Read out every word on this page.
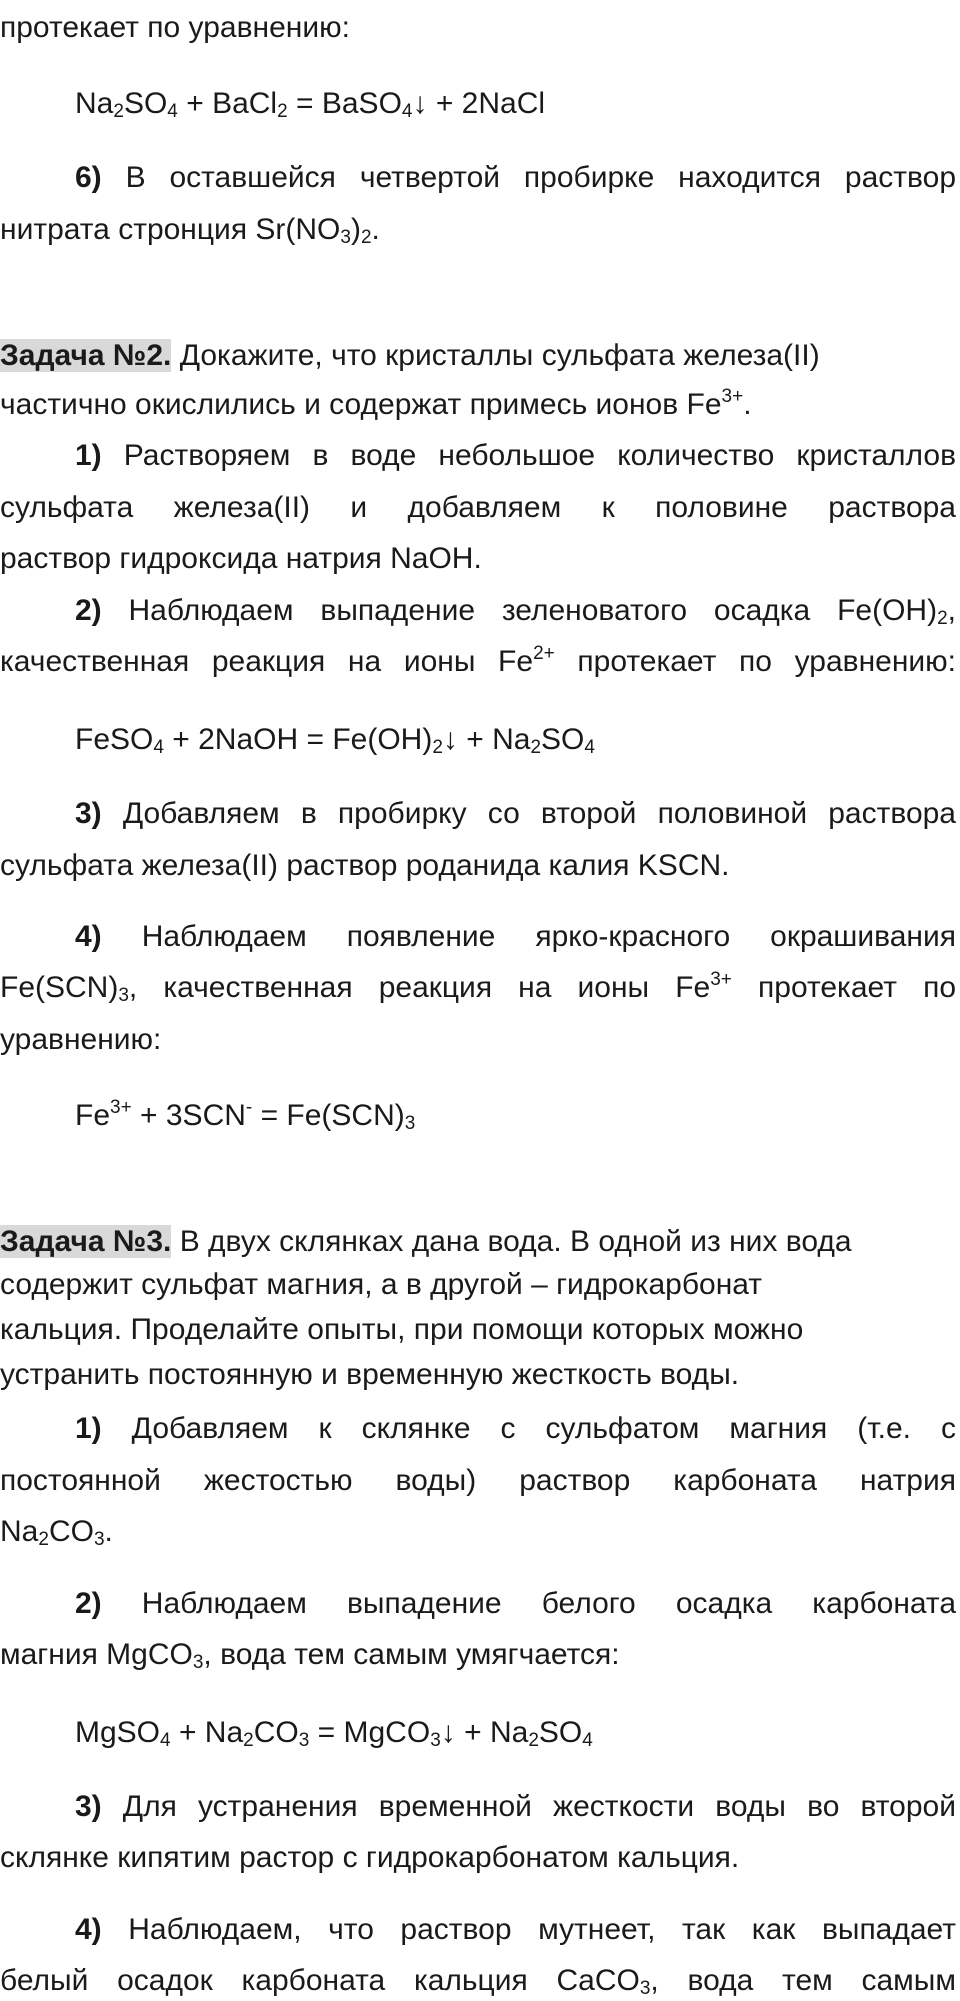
протекает по уравнению:
$Na_2SO_4$ + BaCl$_2$ = BaSO$_4$↓ + 2NaCl
6) В оставшейся четвертой пробирке находится раствор
нитрата стронция $Sr(NO_3)_2$.
Задача №2. Докажите, что кристаллы сульфата железа(II)
частично окислились и содержат примесь ионов $Fe^{3+}$.
1) Растворяем в воде небольшое количество кристаллов
сульфата железа(II) и добавляем к половине раствора
раствор гидроксида натрия NaOH.
2) Наблюдаем выпадение зеленоватого осадка $Fe(OH)_2$,
качественная реакция на ионы $Fe^{2+}$ протекает по уравнению:
FeSO$_4$ + 2NaOH = $Fe(OH)_2↓ + Na_2SO_4$
3) Добавляем в пробирку со второй половиной раствора
сульфата железа(II) раствор роданида калия KSCN.
4) Наблюдаем появление ярко-красного окрашивания
$Fe(SCN)_3$, качественная реакция на ионы $Fe^{3+}$ протекает по
уравнению:
$Fe^{3+} + 3SCN^- = Fe(SCN)_3$
Задача №3. В двух склянках дана вода. В одной из них вода
содержит сульфат магния, а в другой – гидрокарбонат
кальция. Проделайте опыты, при помощи которых можно
устранить постоянную и временную жесткость воды.
1) Добавляем к склянке с сульфатом магния (т.е. с
постоянной жестостью воды) раствор карбоната натрия
$Na_2CO_3$.
2) Наблюдаем выпадение белого осадка карбоната
магния MgCO$_3$, вода тем самым умягчается:
MgSO$_4$ + $Na_2CO_3$ = MgCO$_3$↓ + $Na_2SO_4$
3) Для устранения временной жесткости воды во второй
склянке кипятим растор с гидрокарбонатом кальция.
4) Наблюдаем, что раствор мутнеет, так как выпадает
белый осадок карбоната кальция CaCO$_3$, вода тем самым
